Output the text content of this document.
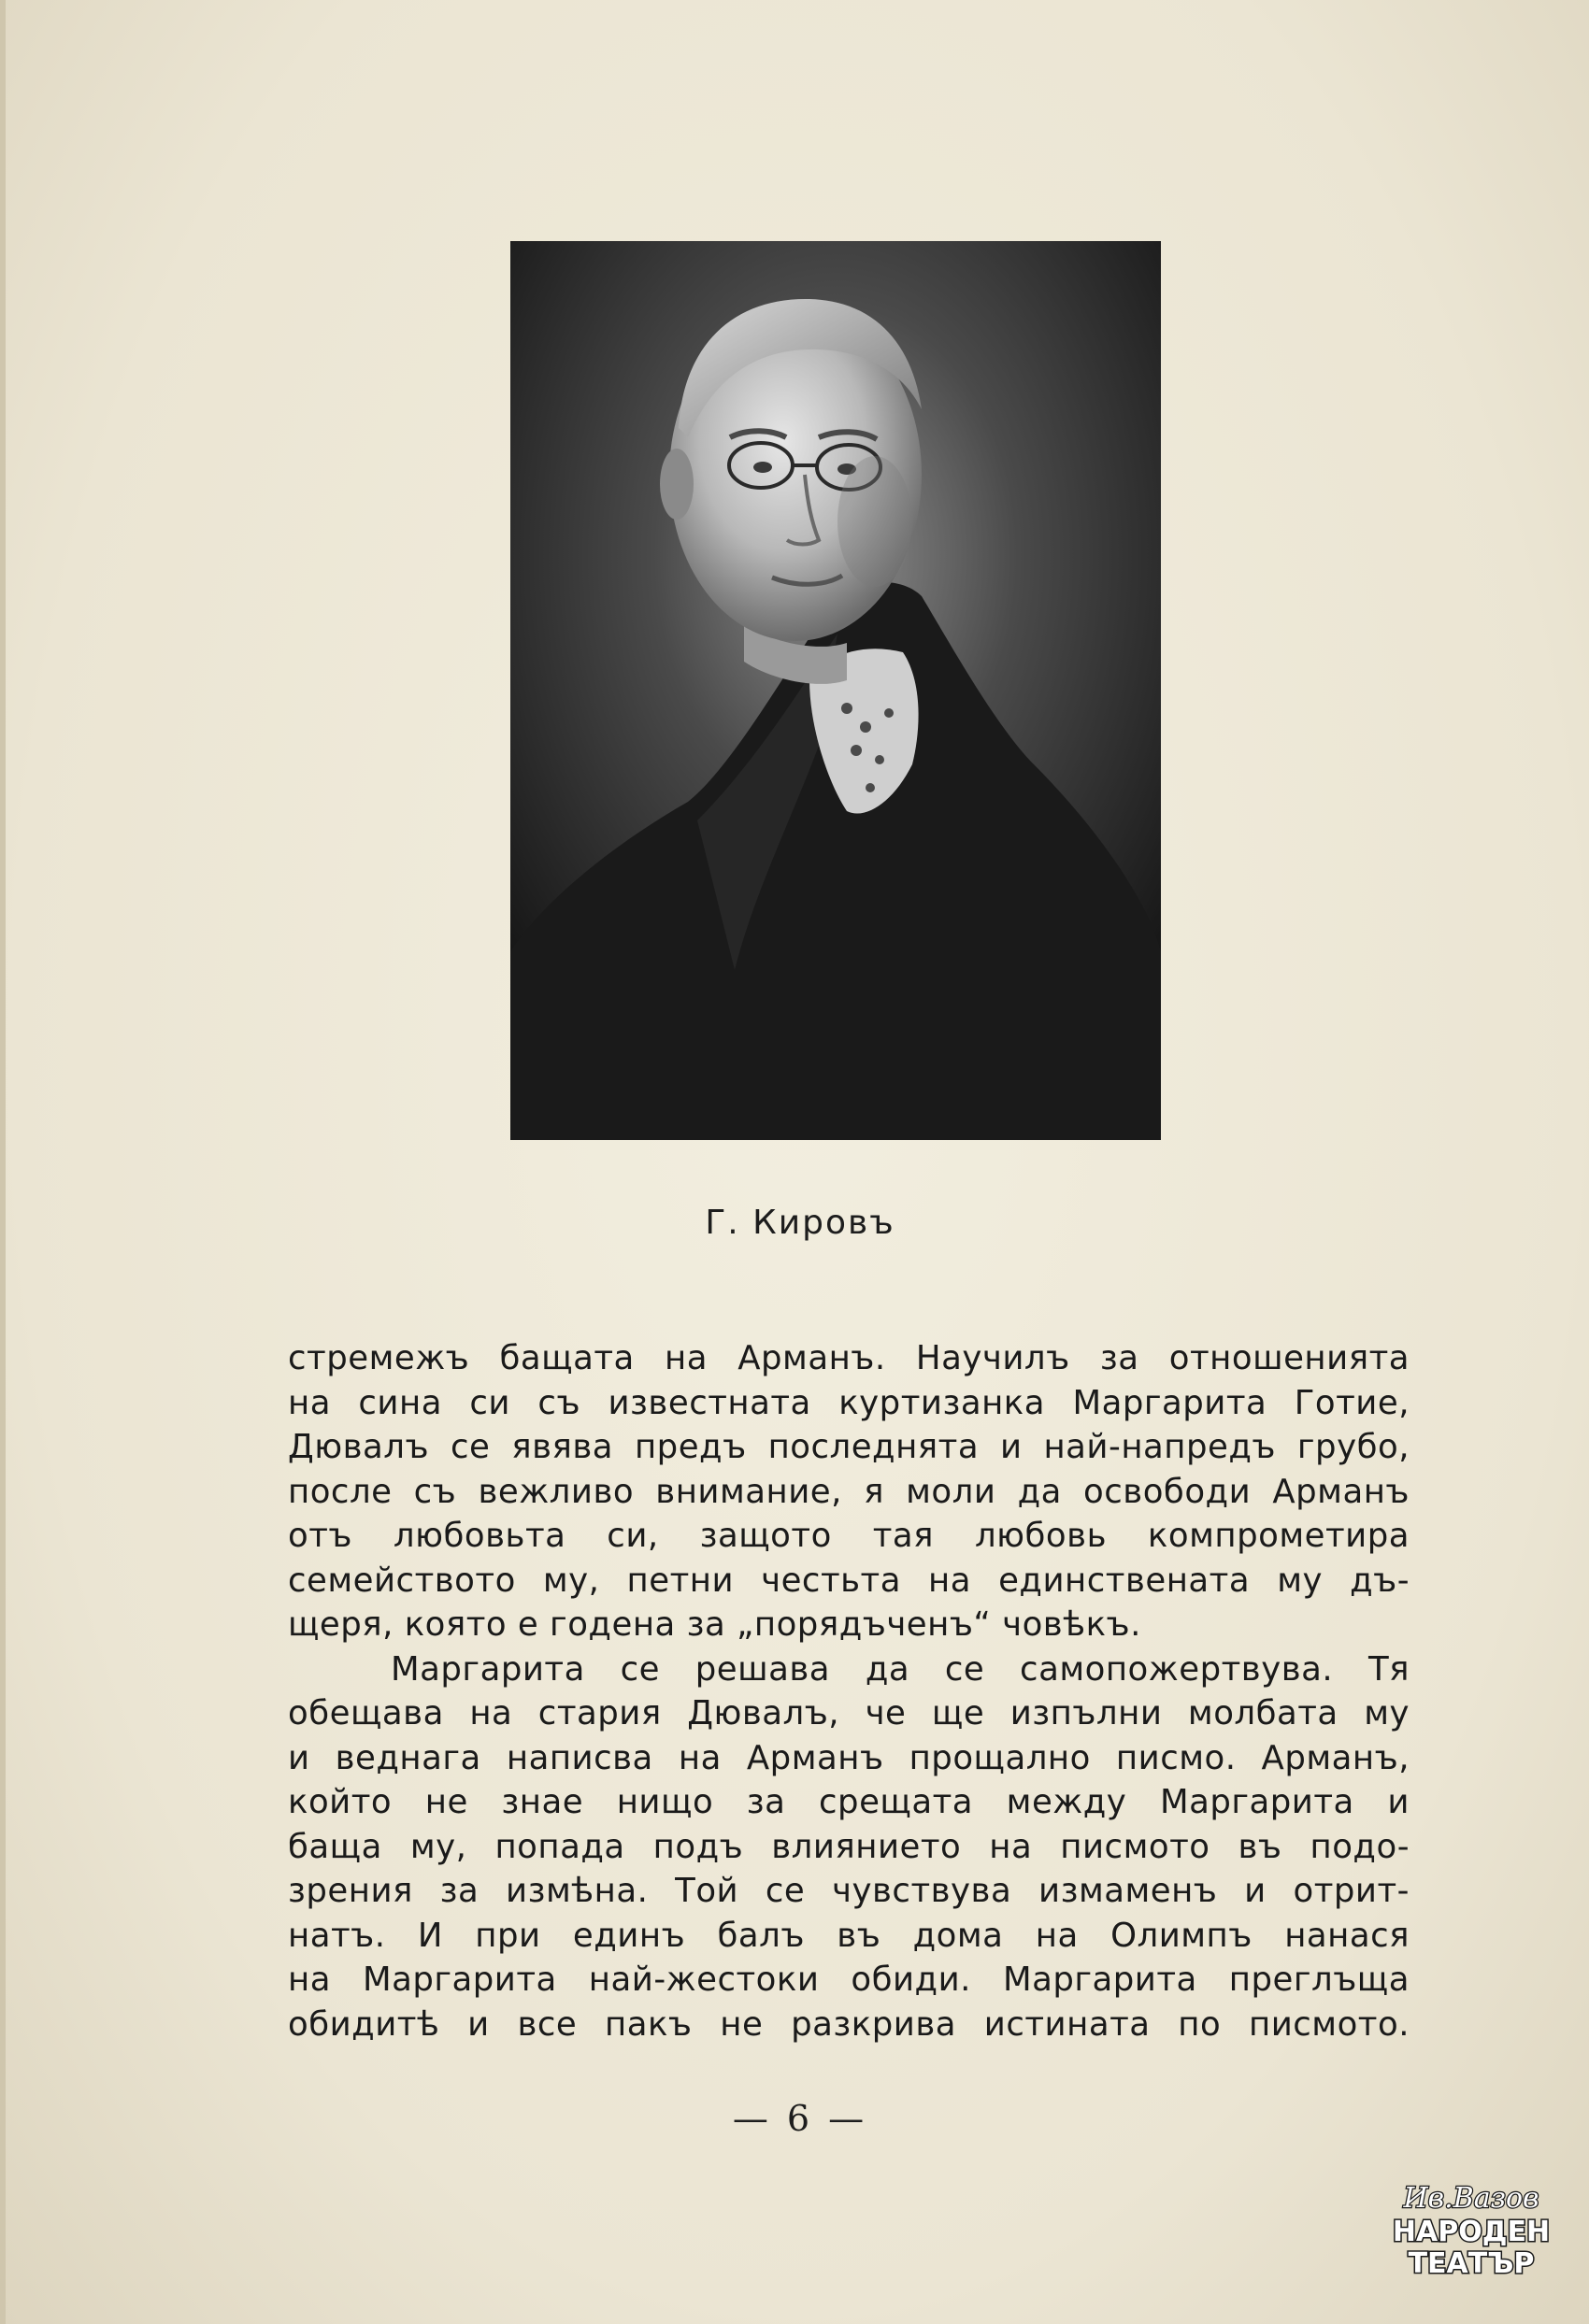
Г. Кировъ
стремежъ бащата на Арманъ. Научилъ за отношенията
на сина си съ известната куртизанка Маргарита Готие,
Дювалъ се явява предъ последнята и най-напредъ грубо,
после съ вежливо внимание, я моли да освободи Арманъ
отъ любовьта си, защото тая любовь компрометира
семейството му, петни честьта на единствената му дъ-
щеря, която е годена за „порядъченъ“ човѣкъ.
Маргарита се решава да се самопожертвува. Тя
обещава на стария Дювалъ, че ще изпълни молбата му
и веднага написва на Арманъ прощално писмо. Арманъ,
който не знае нищо за срещата между Маргарита и
баща му, попада подъ влиянието на писмото въ подо-
зрения за измѣна. Той се чувствува измаменъ и отрит-
натъ. И при единъ балъ въ дома на Олимпъ нанася
на Маргарита най-жестоки обиди. Маргарита преглъща
обидитѣ и все пакъ не разкрива истината по писмото.
— 6 —
Ив.Вазов
НАРОДЕН
ТЕАТЪР
